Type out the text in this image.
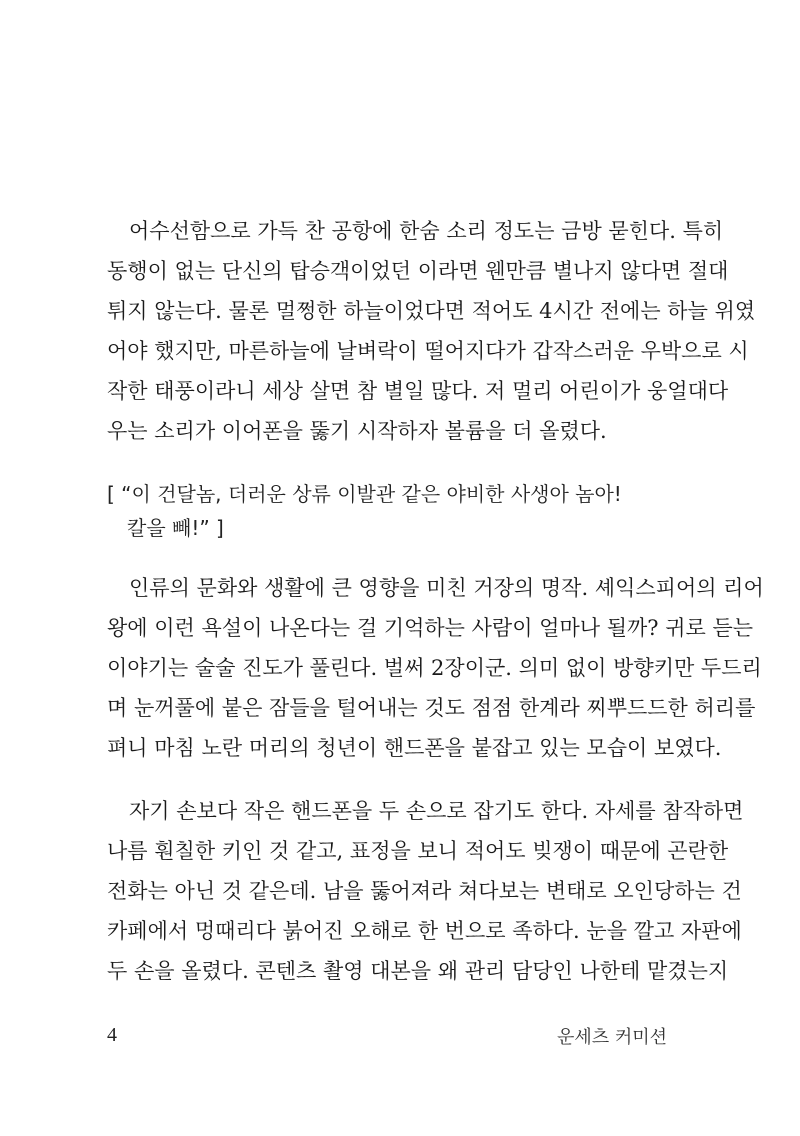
어수선함으로 가득 찬 공항에 한숨 소리 정도는 금방 묻힌다. 특히
동행이 없는 단신의 탑승객이었던 이라면 웬만큼 별나지 않다면 절대
튀지 않는다. 물론 멀쩡한 하늘이었다면 적어도 4시간 전에는 하늘 위였
어야 했지만, 마른하늘에 날벼락이 떨어지다가 갑작스러운 우박으로 시
작한 태풍이라니 세상 살면 참 별일 많다. 저 멀리 어린이가 웅얼대다
우는 소리가 이어폰을 뚫기 시작하자 볼륨을 더 올렸다.
[ “이 건달놈, 더러운 상류 이발관 같은 야비한 사생아 놈아!
칼을 빼!” ]
인류의 문화와 생활에 큰 영향을 미친 거장의 명작. 셰익스피어의 리어
왕에 이런 욕설이 나온다는 걸 기억하는 사람이 얼마나 될까? 귀로 듣는
이야기는 술술 진도가 풀린다. 벌써 2장이군. 의미 없이 방향키만 두드리
며 눈꺼풀에 붙은 잠들을 털어내는 것도 점점 한계라 찌뿌드드한 허리를
펴니 마침 노란 머리의 청년이 핸드폰을 붙잡고 있는 모습이 보였다.
자기 손보다 작은 핸드폰을 두 손으로 잡기도 한다. 자세를 참작하면
나름 훤칠한 키인 것 같고, 표정을 보니 적어도 빚쟁이 때문에 곤란한
전화는 아닌 것 같은데. 남을 뚫어져라 쳐다보는 변태로 오인당하는 건
카페에서 멍때리다 붉어진 오해로 한 번으로 족하다. 눈을 깔고 자판에
두 손을 올렸다. 콘텐츠 촬영 대본을 왜 관리 담당인 나한테 맡겼는지
4	운세츠 커미션
